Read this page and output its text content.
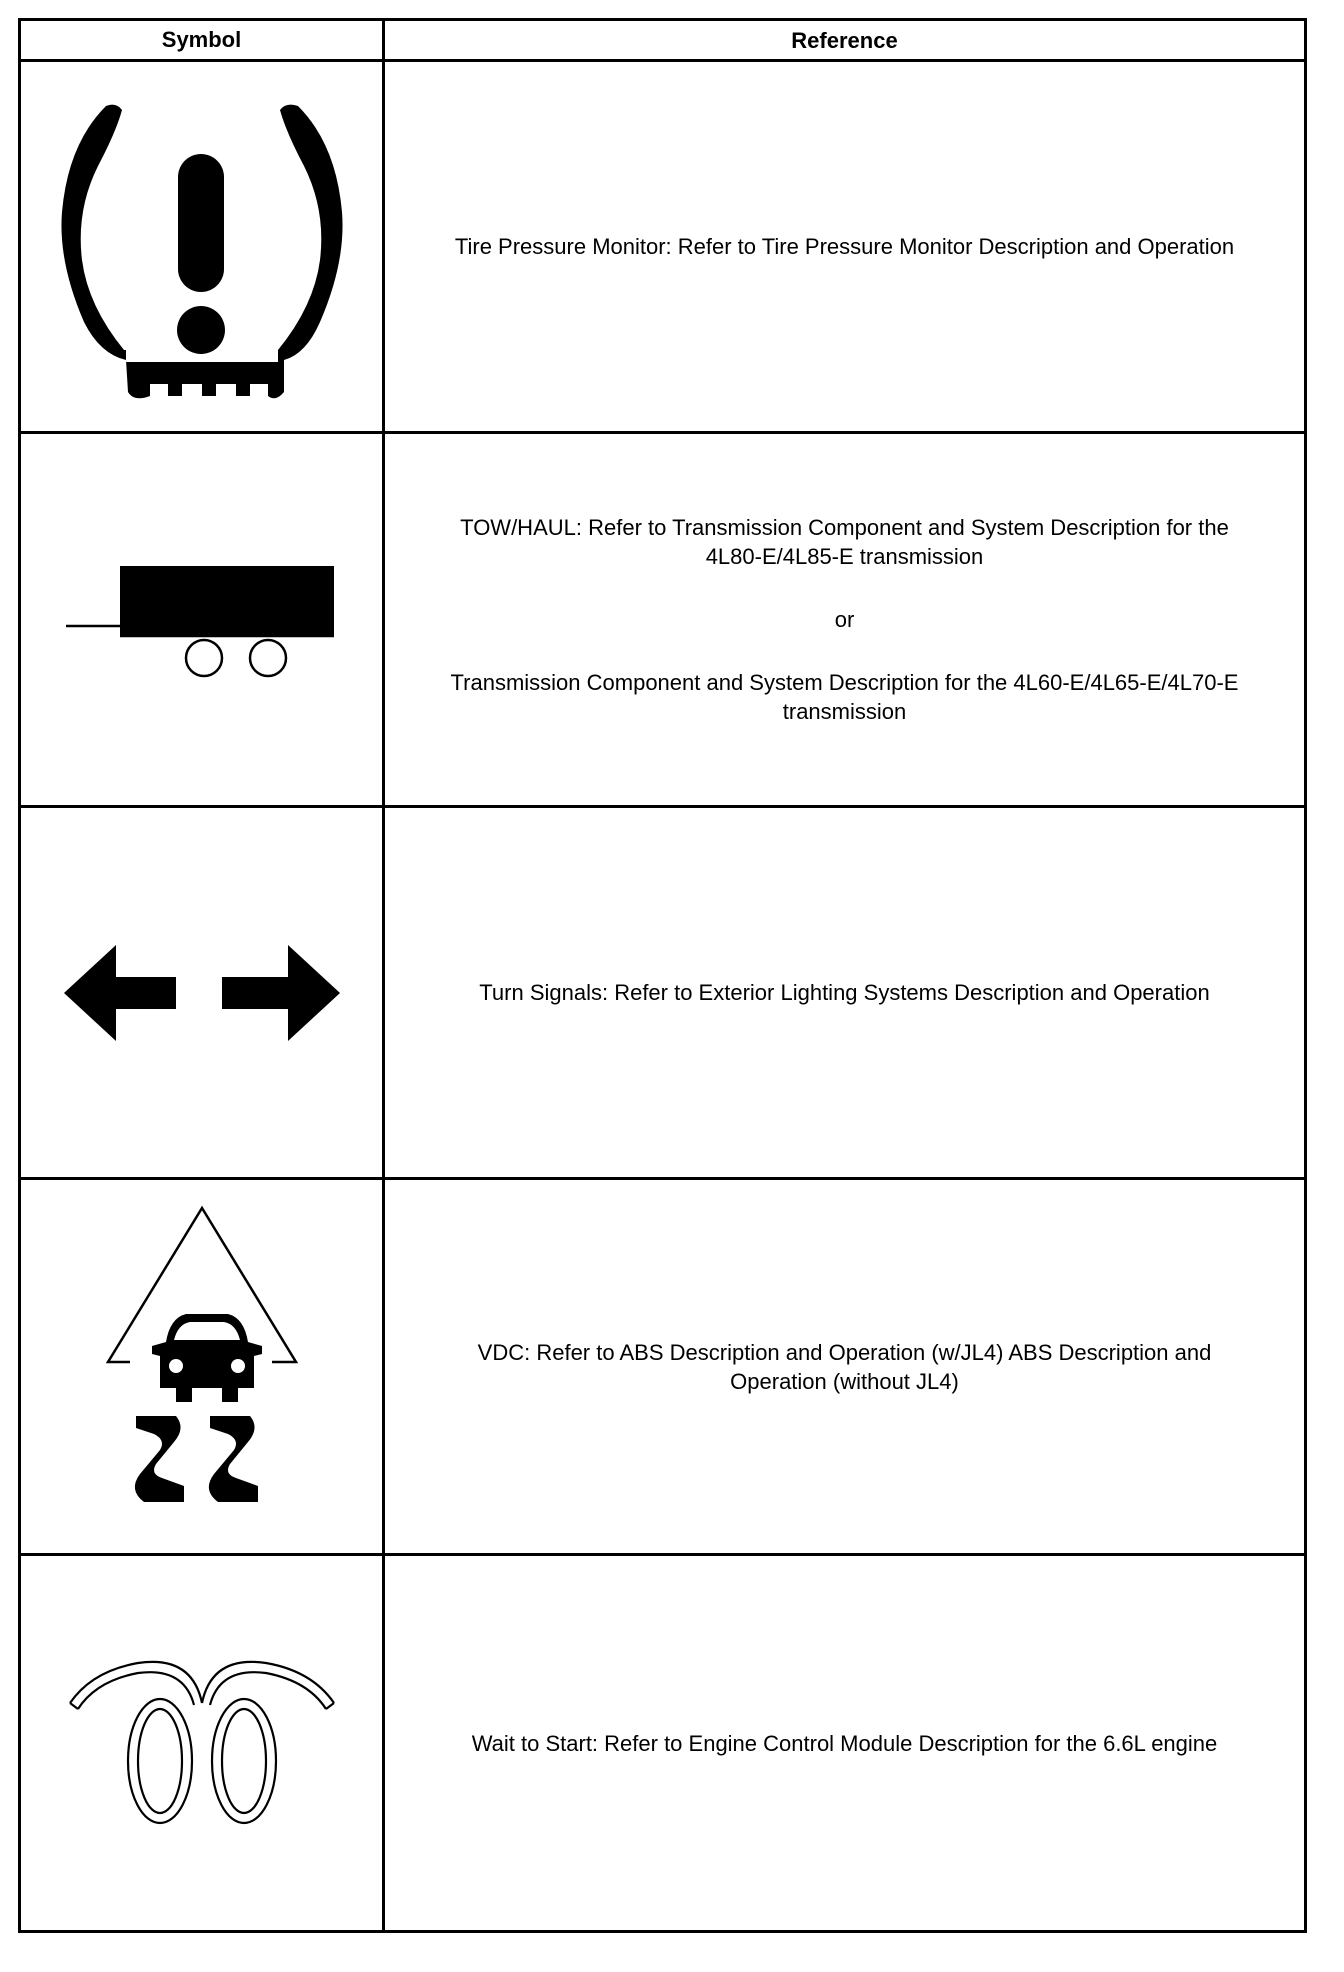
Symbol	Reference

Tire Pressure Monitor: Refer to Tire Pressure Monitor Description and Operation

TOW/HAUL: Refer to Transmission Component and System Description for the
4L80-E/4L85-E transmission

or

Transmission Component and System Description for the 4L60-E/4L65-E/4L70-E
transmission

Turn Signals: Refer to Exterior Lighting Systems Description and Operation

VDC: Refer to ABS Description and Operation (w/JL4) ABS Description and
Operation (without JL4)

Wait to Start: Refer to Engine Control Module Description for the 6.6L engine
